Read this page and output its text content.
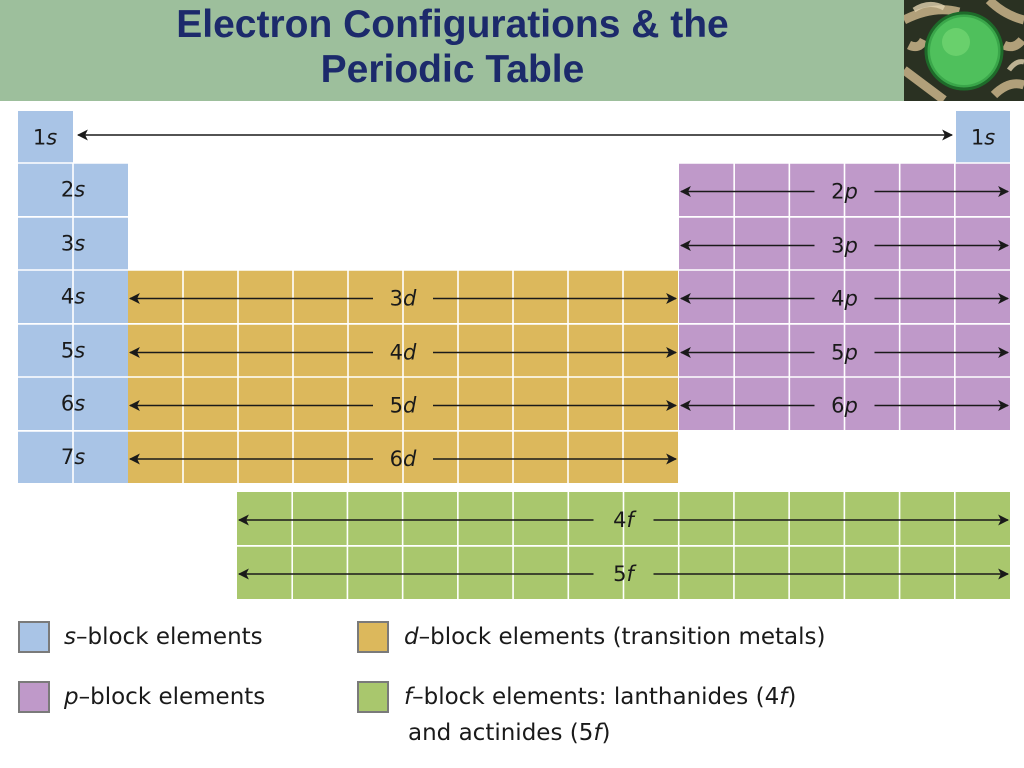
Electron Configurations & the
Periodic Table
1s	1s
2s
3s
4s
5s
6s
7s
2p
3p
4p
5p
6p
3d
4d
5d
6d
4f
5f
s–block elements
p–block elements
d–block elements (transition metals)
f–block elements: lanthanides (4f)
and actinides (5f)
